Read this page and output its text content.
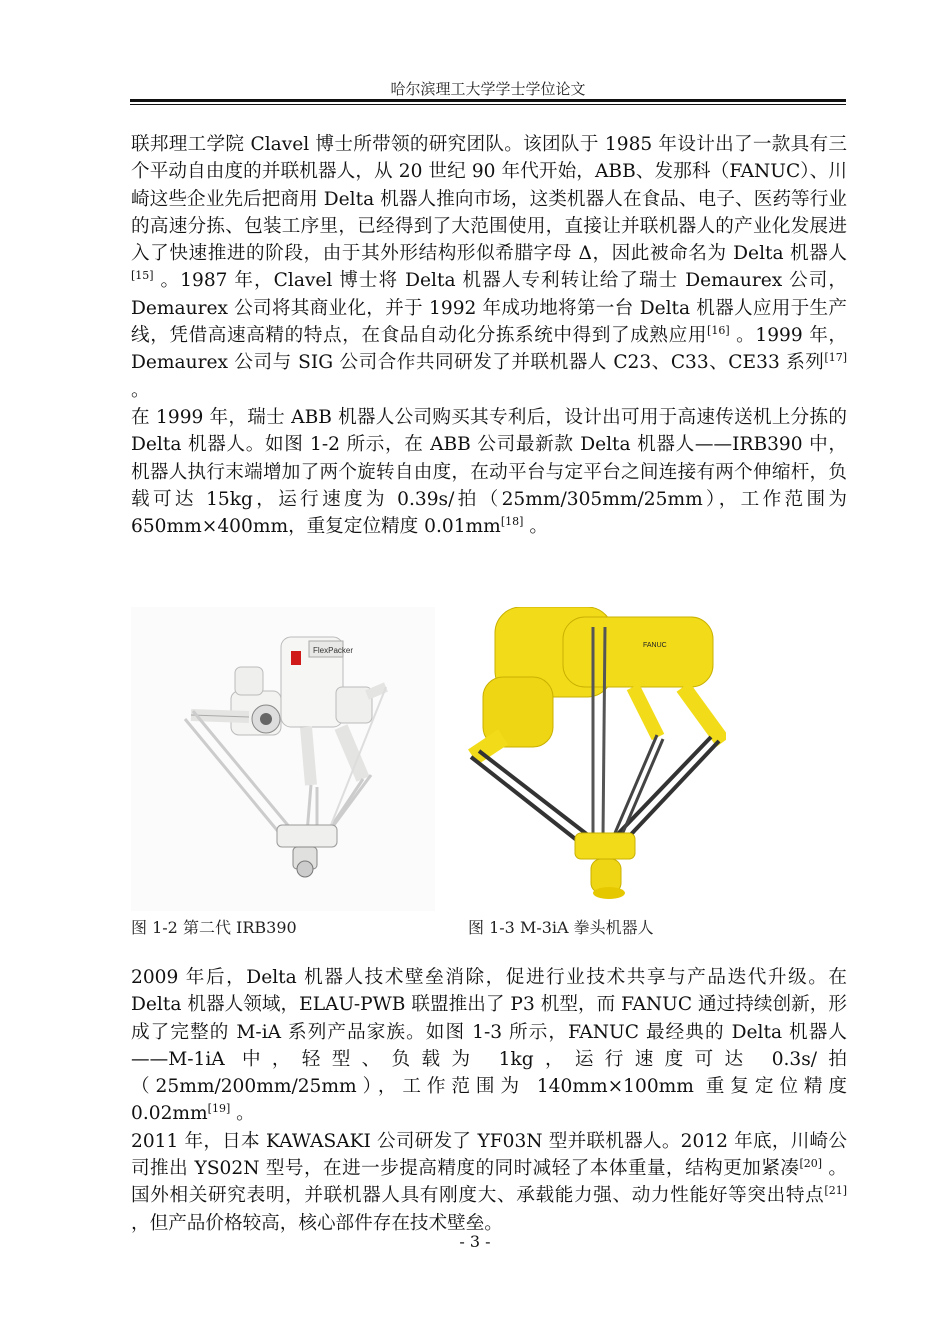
哈尔滨理工大学学士学位论文

联邦理工学院 Clavel 博士所带领的研究团队。该团队于 1985 年设计出了一款具有三个平动自由度的并联机器人，从 20 世纪 90 年代开始，ABB、发那科（FANUC）、川崎这些企业先后把商用 Delta 机器人推向市场，这类机器人在食品、电子、医药等行业的高速分拣、包装工序里，已经得到了大范围使用，直接让并联机器人的产业化发展进入了快速推进的阶段，由于其外形结构形似希腊字母 Δ，因此被命名为 Delta 机器人[15] 。1987 年，Clavel 博士将 Delta 机器人专利转让给了瑞士 Demaurex 公司，Demaurex 公司将其商业化，并于 1992 年成功地将第一台 Delta 机器人应用于生产线，凭借高速高精的特点，在食品自动化分拣系统中得到了成熟应用[16] 。1999 年，Demaurex 公司与 SIG 公司合作共同研发了并联机器人 C23、C33、CE33 系列[17] 。

在 1999 年，瑞士 ABB 机器人公司购买其专利后，设计出可用于高速传送机上分拣的 Delta 机器人。如图 1-2 所示，在 ABB 公司最新款 Delta 机器人——IRB390 中，机器人执行末端增加了两个旋转自由度，在动平台与定平台之间连接有两个伸缩杆，负载可达 15kg，运行速度为 0.39s/拍（25mm/305mm/25mm），工作范围为 650mm×400mm，重复定位精度 0.01mm[18] 。

FlexPacker
FANUC
图 1-2 第二代 IRB390	图 1-3 M-3iA 拳头机器人

2009 年后，Delta 机器人技术壁垒消除，促进行业技术共享与产品迭代升级。在 Delta 机器人领域，ELAU-PWB 联盟推出了 P3 机型，而 FANUC 通过持续创新，形成了完整的 M-iA 系列产品家族。如图 1-3 所示，FANUC 最经典的 Delta 机器人——M-1iA 中，轻型、负载为 1kg，运行速度可达 0.3s/拍（25mm/200mm/25mm），工作范围为 140mm×100mm 重复定位精度 0.02mm[19] 。

2011 年，日本 KAWASAKI 公司研发了 YF03N 型并联机器人。2012 年底，川崎公司推出 YS02N 型号，在进一步提高精度的同时减轻了本体重量，结构更加紧凑[20] 。国外相关研究表明，并联机器人具有刚度大、承载能力强、动力性能好等突出特点[21] ，但产品价格较高，核心部件存在技术壁垒。

- 3 -
